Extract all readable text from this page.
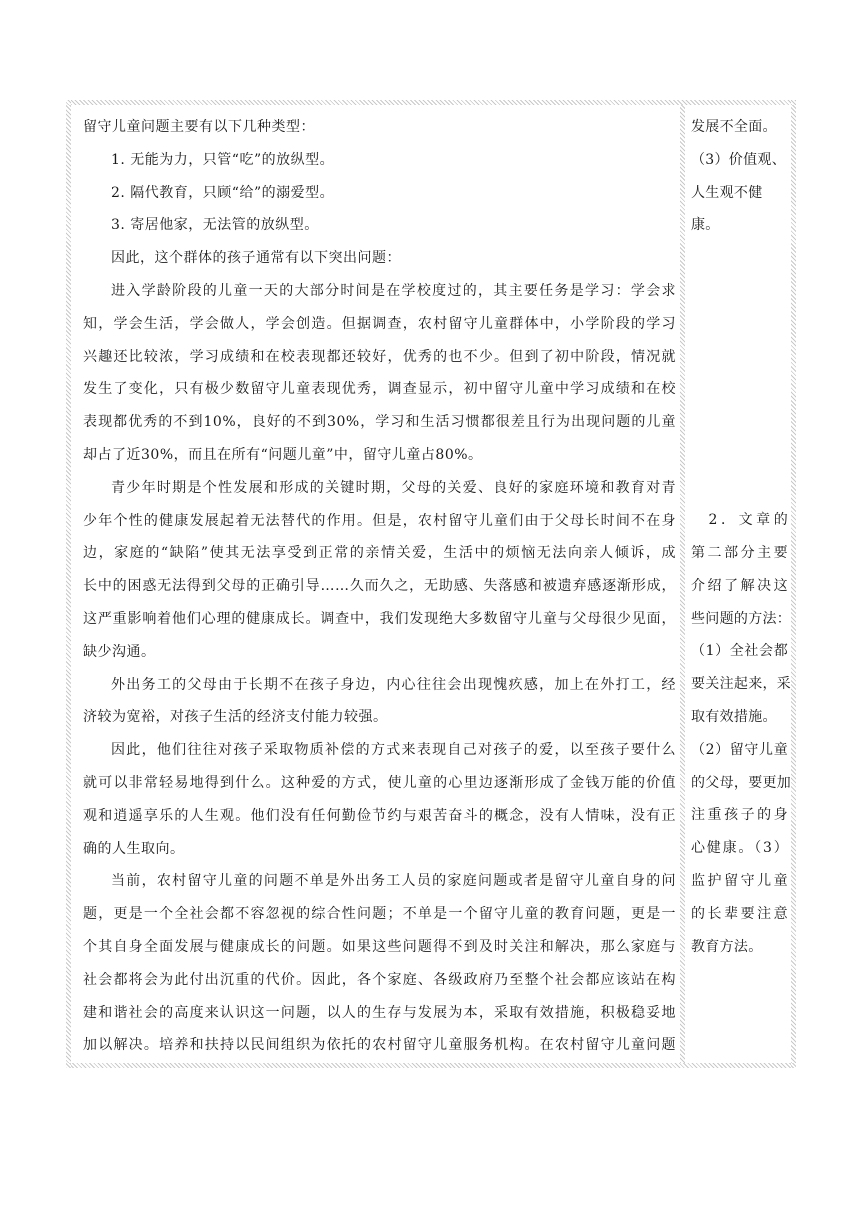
留守儿童问题主要有以下几种类型：
1. 无能为力，只管“吃”的放纵型。
2. 隔代教育，只顾“给”的溺爱型。
3. 寄居他家，无法管的放纵型。
因此，这个群体的孩子通常有以下突出问题：
进入学龄阶段的儿童一天的大部分时间是在学校度过的，其主要任务是学习：学会求
知，学会生活，学会做人，学会创造。但据调查，农村留守儿童群体中，小学阶段的学习
兴趣还比较浓，学习成绩和在校表现都还较好，优秀的也不少。但到了初中阶段，情况就
发生了变化，只有极少数留守儿童表现优秀，调查显示，初中留守儿童中学习成绩和在校
表现都优秀的不到10%，良好的不到30%，学习和生活习惯都很差且行为出现问题的儿童
却占了近30%，而且在所有“问题儿童”中，留守儿童占80%。
青少年时期是个性发展和形成的关键时期，父母的关爱、良好的家庭环境和教育对青
少年个性的健康发展起着无法替代的作用。但是，农村留守儿童们由于父母长时间不在身
边，家庭的“缺陷”使其无法享受到正常的亲情关爱，生活中的烦恼无法向亲人倾诉，成
长中的困惑无法得到父母的正确引导……久而久之，无助感、失落感和被遗弃感逐渐形成，
这严重影响着他们心理的健康成长。调查中，我们发现绝大多数留守儿童与父母很少见面，
缺少沟通。
外出务工的父母由于长期不在孩子身边，内心往往会出现愧疚感，加上在外打工，经
济较为宽裕，对孩子生活的经济支付能力较强。
因此，他们往往对孩子采取物质补偿的方式来表现自己对孩子的爱，以至孩子要什么
就可以非常轻易地得到什么。这种爱的方式，使儿童的心里边逐渐形成了金钱万能的价值
观和逍遥享乐的人生观。他们没有任何勤俭节约与艰苦奋斗的概念，没有人情味，没有正
确的人生取向。
当前，农村留守儿童的问题不单是外出务工人员的家庭问题或者是留守儿童自身的问
题，更是一个全社会都不容忽视的综合性问题；不单是一个留守儿童的教育问题，更是一
个其自身全面发展与健康成长的问题。如果这些问题得不到及时关注和解决，那么家庭与
社会都将会为此付出沉重的代价。因此，各个家庭、各级政府乃至整个社会都应该站在构
建和谐社会的高度来认识这一问题，以人的生存与发展为本，采取有效措施，积极稳妥地
加以解决。培养和扶持以民间组织为依托的农村留守儿童服务机构。在农村留守儿童问题
发展不全面。
（3）价值观、
人生观不健
康。
　2．文章的
第二部分主要
介绍了解决这
些问题的方法：
（1）全社会都
要关注起来，采
取有效措施。
（2）留守儿童
的父母，要更加
注重孩子的身
心健康。（3）
监护留守儿童
的长辈要注意
教育方法。
